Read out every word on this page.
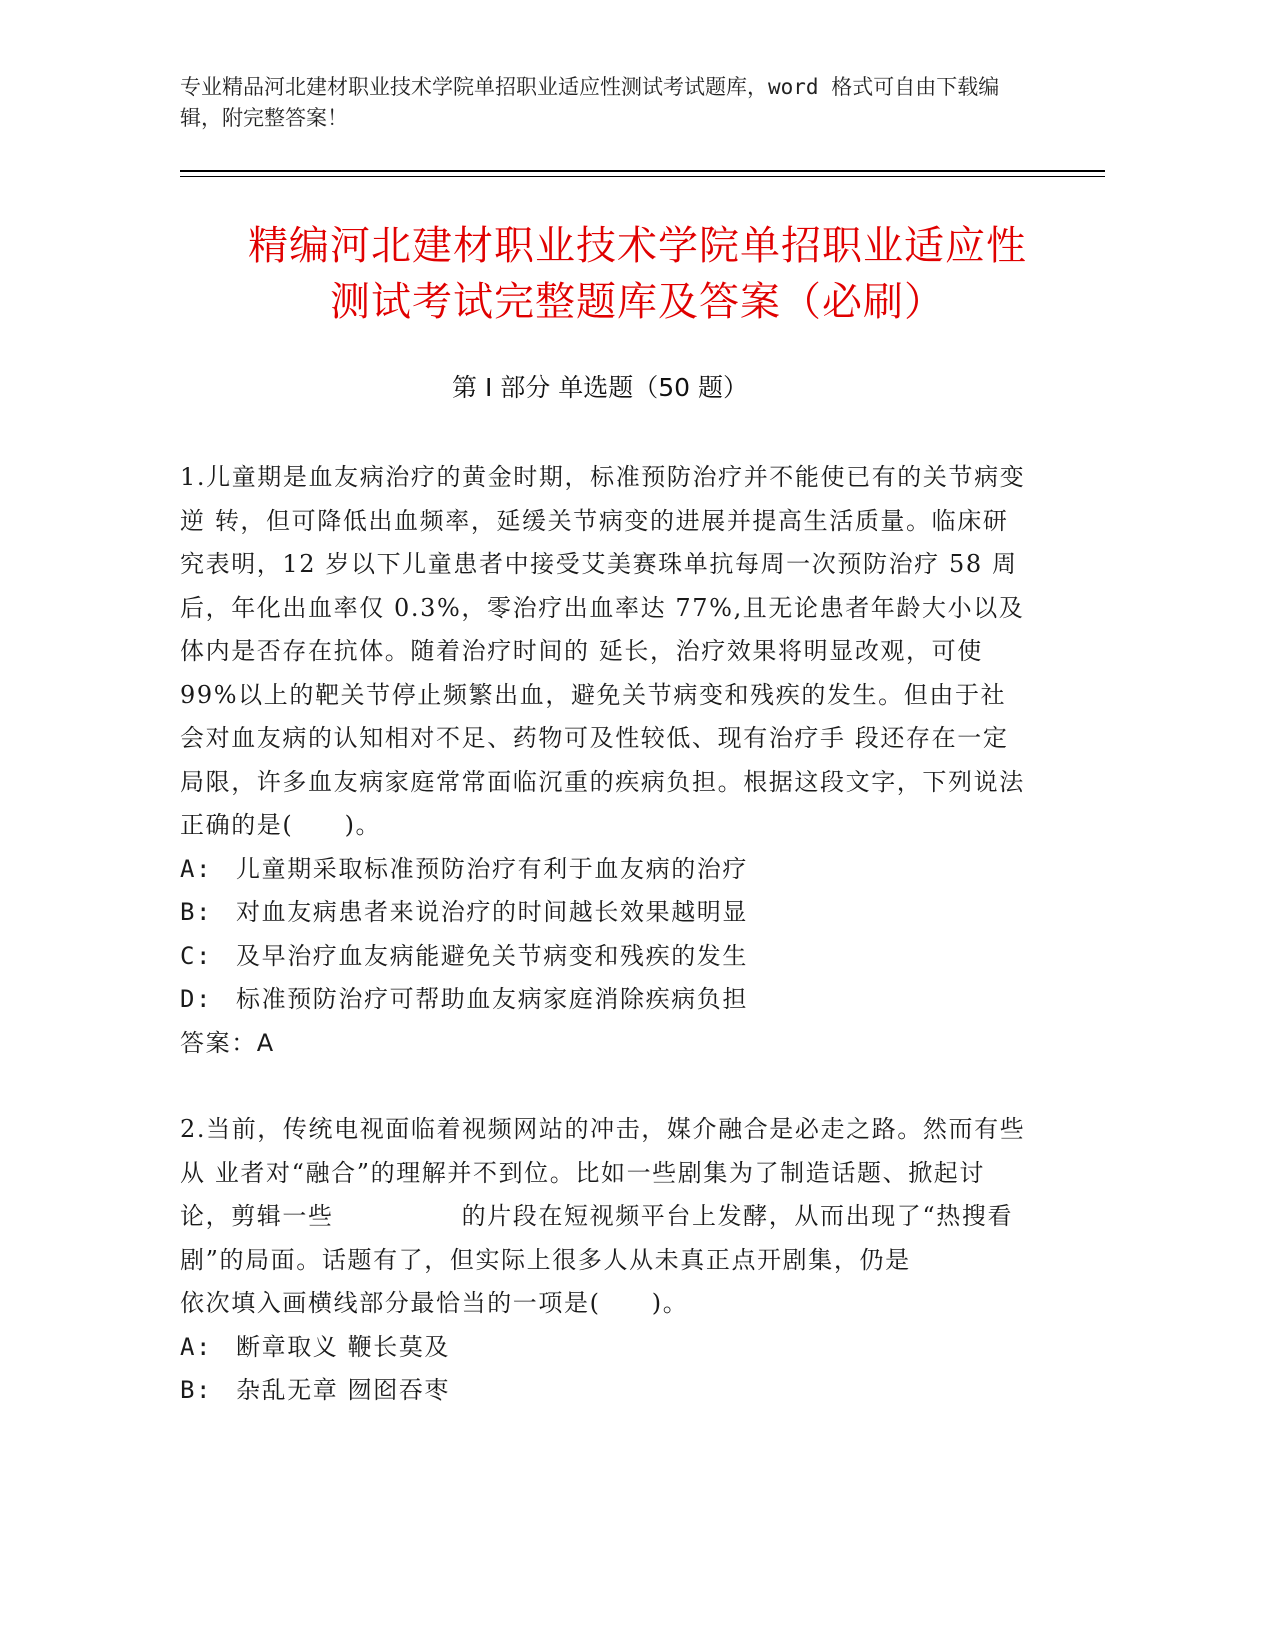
专业精品河北建材职业技术学院单招职业适应性测试考试题库，word 格式可自由下载编辑，附完整答案！
精编河北建材职业技术学院单招职业适应性
测试考试完整题库及答案（必刷）
第 I 部分 单选题（50 题）
1.儿童期是血友病治疗的黄金时期，标准预防治疗并不能使已有的关节病变逆 转，但可降低出血频率，延缓关节病变的进展并提高生活质量。临床研究表明，12 岁以下儿童患者中接受艾美赛珠单抗每周一次预防治疗 58 周后，年化出血率仅 0.3%，零治疗出血率达 77%,且无论患者年龄大小以及体内是否存在抗体。随着治疗时间的 延长，治疗效果将明显改观，可使 99%以上的靶关节停止频繁出血，避免关节病变和残疾的发生。但由于社会对血友病的认知相对不足、药物可及性较低、现有治疗手 段还存在一定局限，许多血友病家庭常常面临沉重的疾病负担。根据这段文字，下列说法正确的是(　　)。
A: 儿童期采取标准预防治疗有利于血友病的治疗
B: 对血友病患者来说治疗的时间越长效果越明显
C: 及早治疗血友病能避免关节病变和残疾的发生
D: 标准预防治疗可帮助血友病家庭消除疾病负担
答案：A
2.当前，传统电视面临着视频网站的冲击，媒介融合是必走之路。然而有些从 业者对“融合”的理解并不到位。比如一些剧集为了制造话题、掀起讨论，剪辑一些　　　　　的片段在短视频平台上发酵，从而出现了“热搜看剧”的局面。话题有了，但实际上很多人从未真正点开剧集，仍是　　　　　依次填入画横线部分最恰当的一项是(　　)。
A: 断章取义 鞭长莫及
B: 杂乱无章 囫囵吞枣
